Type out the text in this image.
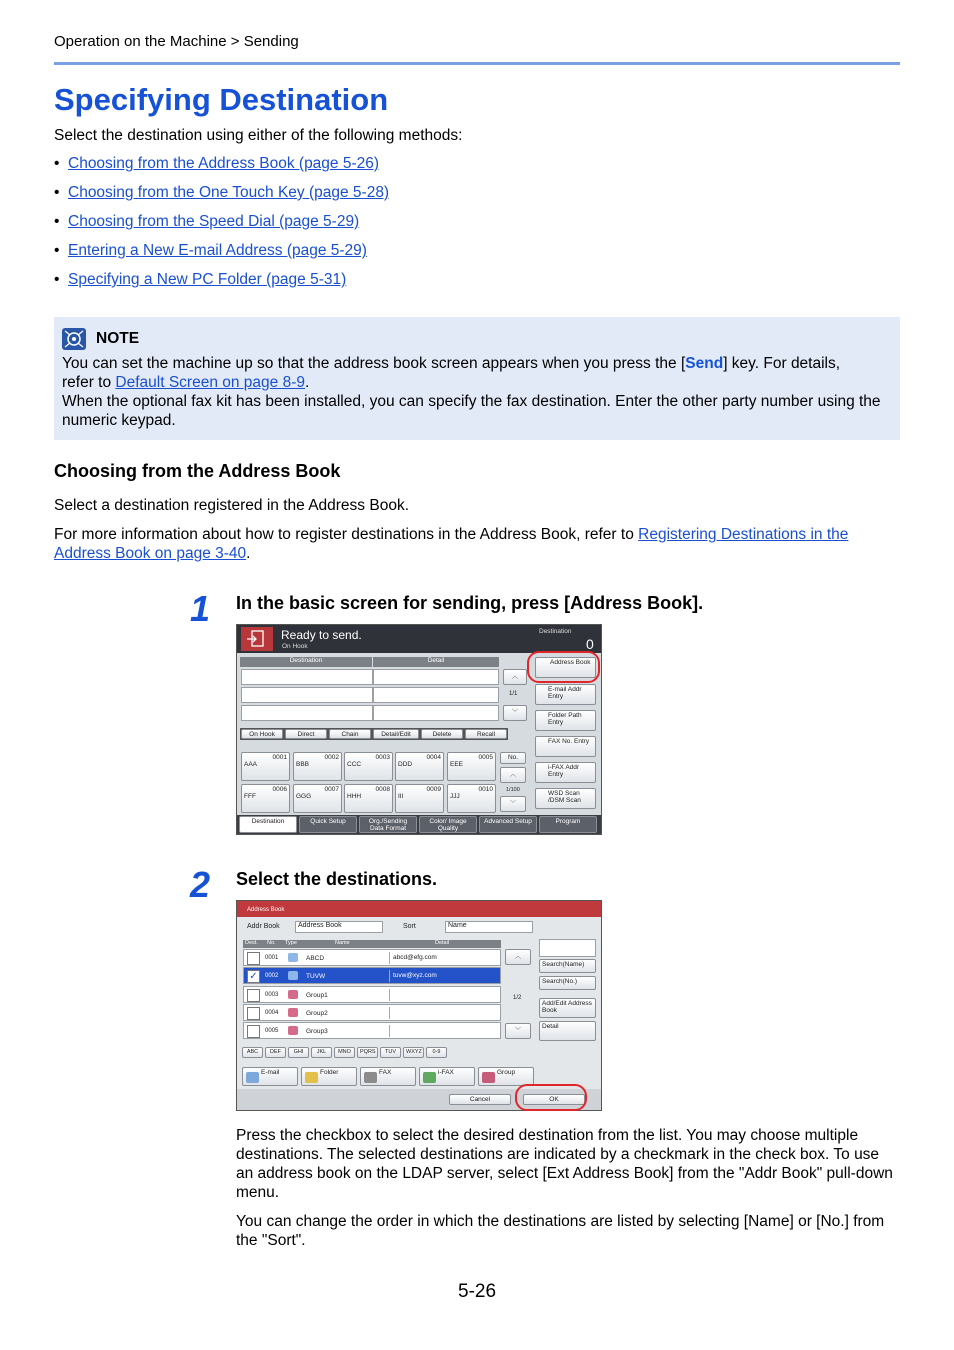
Operation on the Machine > Sending
Specifying Destination
Select the destination using either of the following methods:
• Choosing from the Address Book (page 5-26)
• Choosing from the One Touch Key (page 5-28)
• Choosing from the Speed Dial (page 5-29)
• Entering a New E-mail Address (page 5-29)
• Specifying a New PC Folder (page 5-31)
NOTE
You can set the machine up so that the address book screen appears when you press the [Send] key. For details,
refer to Default Screen on page 8-9.
When the optional fax kit has been installed, you can specify the fax destination. Enter the other party number using the numeric keypad.
Choosing from the Address Book
Select a destination registered in the Address Book.
For more information about how to register destinations in the Address Book, refer to Registering Destinations in the Address Book on page 3-40.
1 In the basic screen for sending, press [Address Book].
Ready to send.
On Hook
Destination
0
Destination	Detail
︿
1/1
﹀
On Hook	Direct	Chain	Detail/Edit	Delete	Recall
0001
AAA
0002
BBB
0003
CCC
0004
DDD
0005
EEE
0006
FFF
0007
GGG
0008
HHH
0009
III
0010
JJJ
No.
︿
1/100
﹀
Address Book
E-mail Addr Entry
Folder Path Entry
FAX No. Entry
i-FAX Addr Entry
WSD Scan /DSM Scan
Destination	Quick Setup	Org./Sending Data Format
Color/ Image Quality
Advanced Setup	Program
2 Select the destinations.
Address Book
Addr Book	Address Book	Sort	Name
Dest. No. Type	Name	Detail
0001	ABCD	abcd@efg.com
✓	0002	TUVW	tuvw@xyz.com
0003	Group1
0004	Group2
0005	Group3
︿
1/2
﹀
Search(Name)
Search(No.)
Add/Edit Address Book
Detail
ABC	DEF	GHI	JKL	MNO	PQRS	TUV	WXYZ	0-9
E-mail	Folder	FAX	i-FAX	Group
Cancel	OK
Press the checkbox to select the desired destination from the list. You may choose multiple destinations. The selected destinations are indicated by a checkmark in the check box. To use an address book on the LDAP server, select [Ext Address Book] from the "Addr Book" pull-down menu.
You can change the order in which the destinations are listed by selecting [Name] or [No.] from the "Sort".
5-26
